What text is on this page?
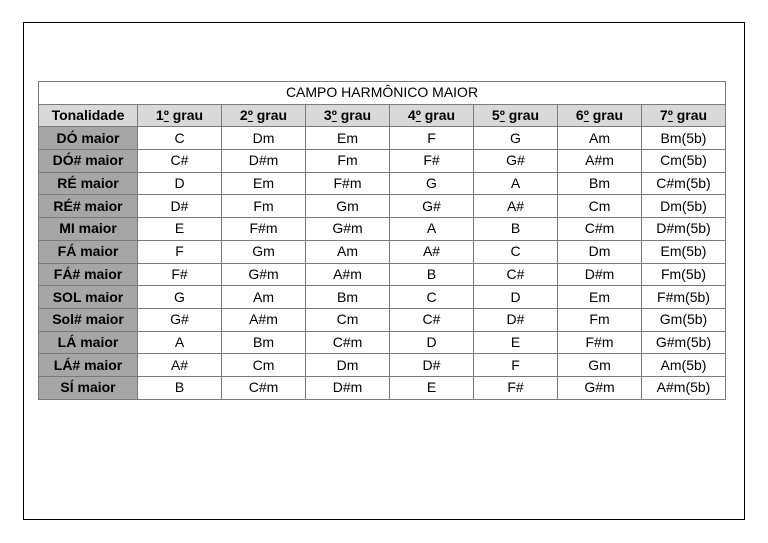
CAMPO HARMÔNICO MAIOR							
Tonalidade	1º grau	2º grau	3º grau	4º grau	5º grau	6º grau	7º grau
DÓ maior	C	Dm	Em	F	G	Am	Bm(5b)
DÓ# maior	C#	D#m	Fm	F#	G#	A#m	Cm(5b)
RÉ maior	D	Em	F#m	G	A	Bm	C#m(5b)
RÉ# maior	D#	Fm	Gm	G#	A#	Cm	Dm(5b)
MI maior	E	F#m	G#m	A	B	C#m	D#m(5b)
FÁ maior	F	Gm	Am	A#	C	Dm	Em(5b)
FÁ# maior	F#	G#m	A#m	B	C#	D#m	Fm(5b)
SOL maior	G	Am	Bm	C	D	Em	F#m(5b)
Sol# maior	G#	A#m	Cm	C#	D#	Fm	Gm(5b)
LÁ maior	A	Bm	C#m	D	E	F#m	G#m(5b)
LÁ# maior	A#	Cm	Dm	D#	F	Gm	Am(5b)
SÍ maior	B	C#m	D#m	E	F#	G#m	A#m(5b)
